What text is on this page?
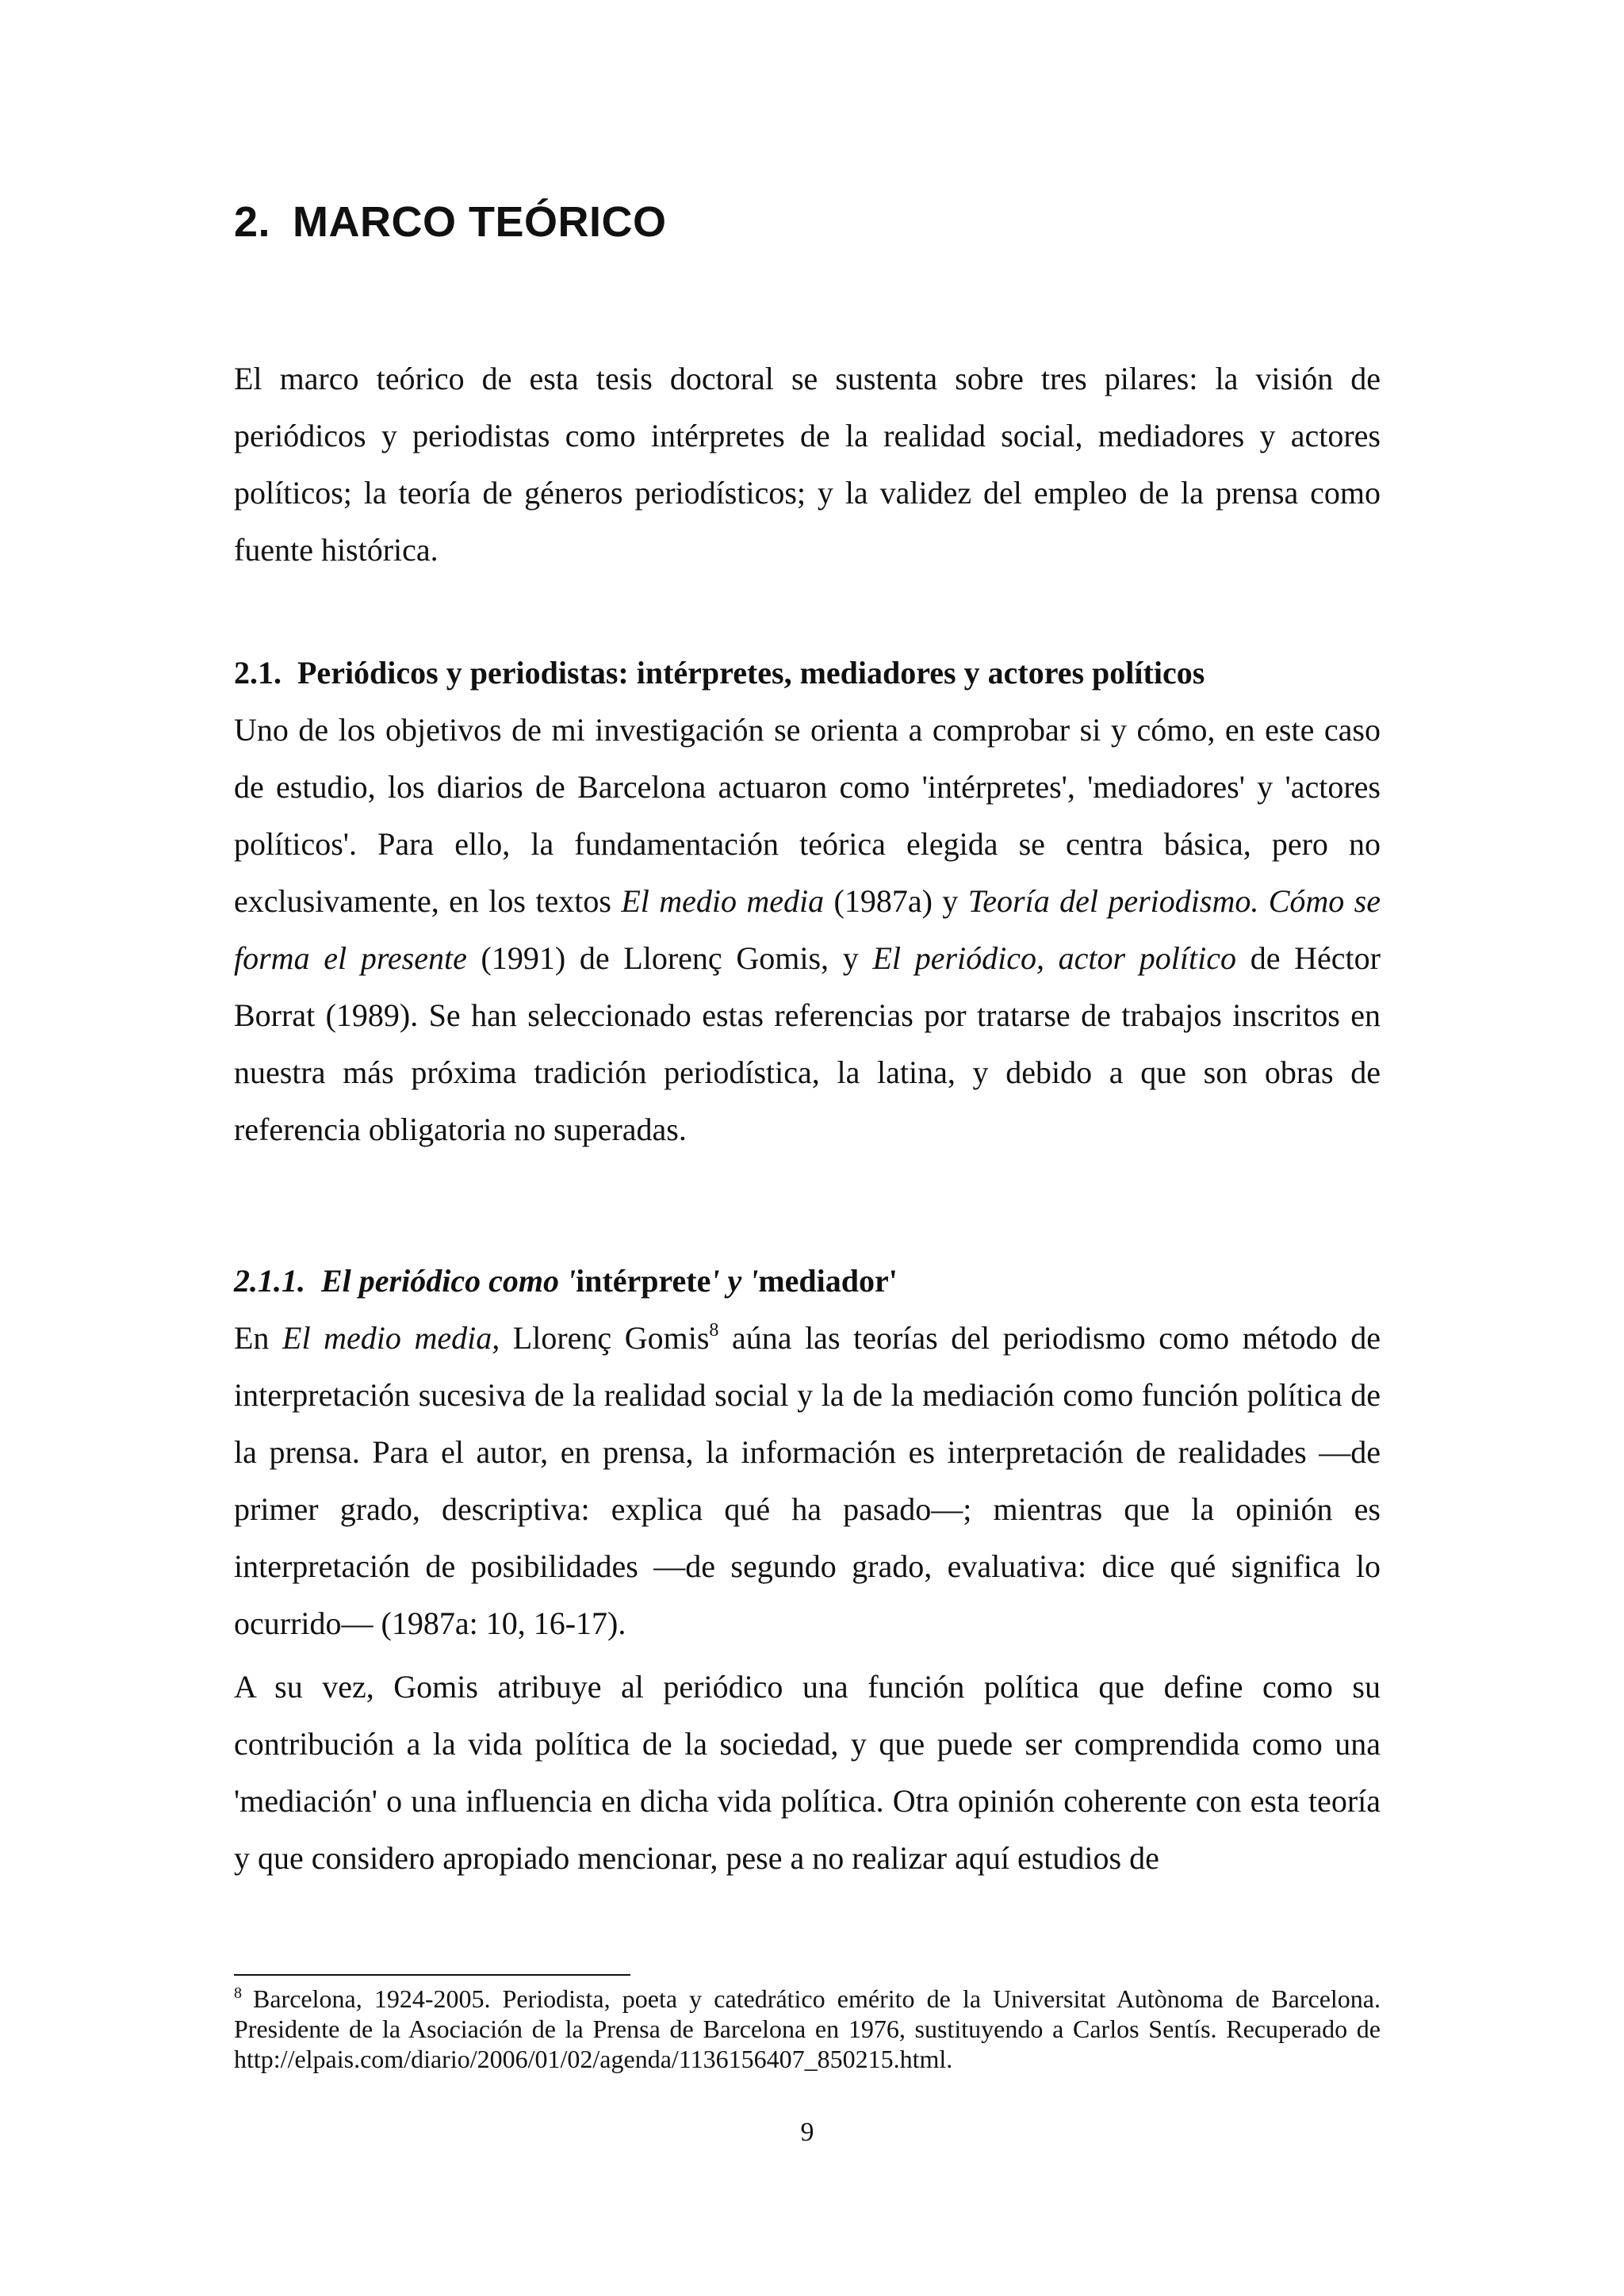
2. MARCO TEÓRICO

El marco teórico de esta tesis doctoral se sustenta sobre tres pilares: la visión de periódicos y periodistas como intérpretes de la realidad social, mediadores y actores políticos; la teoría de géneros periodísticos; y la validez del empleo de la prensa como fuente histórica.

2.1. Periódicos y periodistas: intérpretes, mediadores y actores políticos

Uno de los objetivos de mi investigación se orienta a comprobar si y cómo, en este caso de estudio, los diarios de Barcelona actuaron como 'intérpretes', 'mediadores' y 'actores políticos'. Para ello, la fundamentación teórica elegida se centra básica, pero no exclusivamente, en los textos El medio media (1987a) y Teoría del periodismo. Cómo se forma el presente (1991) de Llorenç Gomis, y El periódico, actor político de Héctor Borrat (1989). Se han seleccionado estas referencias por tratarse de trabajos inscritos en nuestra más próxima tradición periodística, la latina, y debido a que son obras de referencia obligatoria no superadas.

2.1.1. El periódico como 'intérprete' y 'mediador'

En El medio media, Llorenç Gomis$^8$ aúna las teorías del periodismo como método de interpretación sucesiva de la realidad social y la de la mediación como función política de la prensa. Para el autor, en prensa, la información es interpretación de realidades —de primer grado, descriptiva: explica qué ha pasado—; mientras que la opinión es interpretación de posibilidades —de segundo grado, evaluativa: dice qué significa lo ocurrido— (1987a: 10, 16-17).

A su vez, Gomis atribuye al periódico una función política que define como su contribución a la vida política de la sociedad, y que puede ser comprendida como una 'mediación' o una influencia en dicha vida política. Otra opinión coherente con esta teoría y que considero apropiado mencionar, pese a no realizar aquí estudios de

$^8$ Barcelona, 1924-2005. Periodista, poeta y catedrático emérito de la Universitat Autònoma de Barcelona. Presidente de la Asociación de la Prensa de Barcelona en 1976, sustituyendo a Carlos Sentís. Recuperado de http://elpais.com/diario/2006/01/02/agenda/1136156407_850215.html.

9
